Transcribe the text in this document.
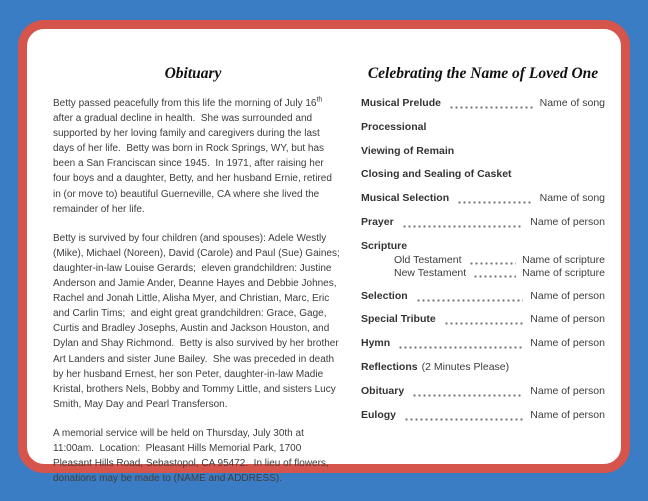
Obituary
Betty passed peacefully from this life the morning of July 16th
after a gradual decline in health.  She was surrounded and
supported by her loving family and caregivers during the last
days of her life.  Betty was born in Rock Springs, WY, but has
been a San Franciscan since 1945.  In 1971, after raising her
four boys and a daughter, Betty, and her husband Ernie, retired
in (or move to) beautiful Guerneville, CA where she lived the
remainder of her life.
Betty is survived by four children (and spouses): Adele Westly
(Mike), Michael (Noreen), David (Carole) and Paul (Sue) Gaines;
daughter-in-law Louise Gerards;  eleven grandchildren: Justine
Anderson and Jamie Ander, Deanne Hayes and Debbie Johnes,
Rachel and Jonah Little, Alisha Myer, and Christian, Marc, Eric
and Carlin Tims;  and eight great grandchildren: Grace, Gage,
Curtis and Bradley Josephs, Austin and Jackson Houston, and
Dylan and Shay Richmond.  Betty is also survived by her brother
Art Landers and sister June Bailey.  She was preceded in death
by her husband Ernest, her son Peter, daughter-in-law Madie
Kristal, brothers Nels, Bobby and Tommy Little, and sisters Lucy
Smith, May Day and Pearl Transferson.
A memorial service will be held on Thursday, July 30th at
11:00am.  Location:  Pleasant Hills Memorial Park, 1700
Pleasant Hills Road, Sebastopol, CA 95472.  In lieu of flowers,
donations may be made to (NAME and ADDRESS).
Celebrating the Name of Loved One
Musical Prelude	Name of song
Processional
Viewing of Remain
Closing and Sealing of Casket
Musical Selection	Name of song
Prayer	Name of person
Scripture
Old Testament	Name of scripture
New Testament	Name of scripture
Selection	Name of person
Special Tribute	Name of person
Hymn	Name of person
Reflections (2 Minutes Please)
Obituary	Name of person
Eulogy	Name of person
